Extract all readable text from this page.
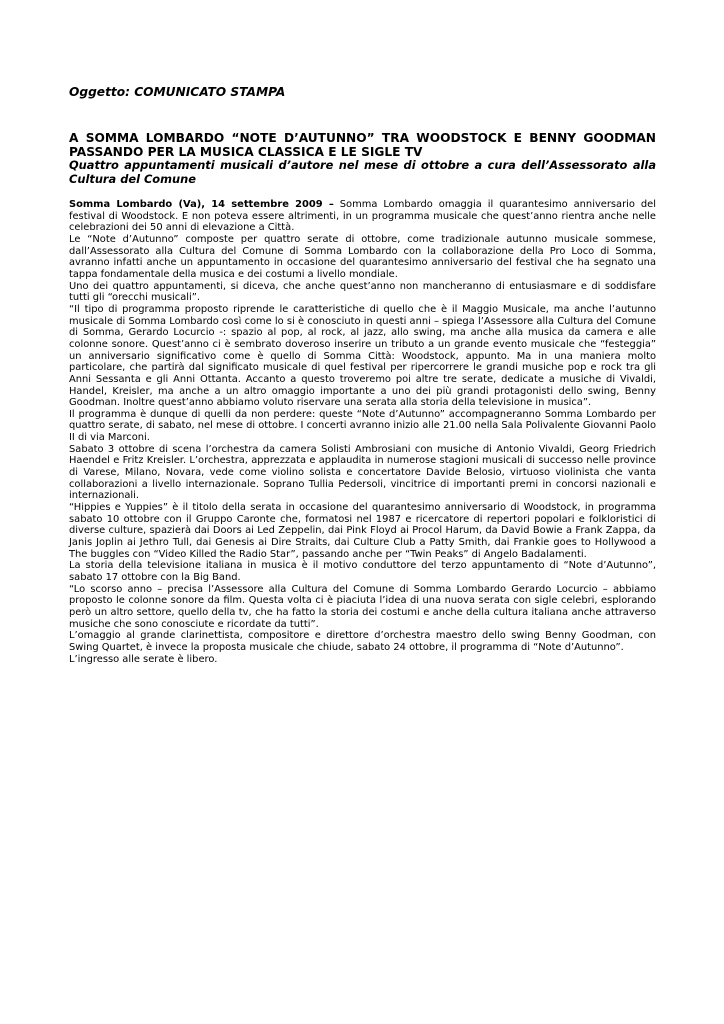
Oggetto: COMUNICATO STAMPA

A SOMMA LOMBARDO “NOTE D’AUTUNNO” TRA WOODSTOCK E BENNY GOODMAN PASSANDO PER LA MUSICA CLASSICA E LE SIGLE TV

Quattro appuntamenti musicali d’autore nel mese di ottobre a cura dell’Assessorato alla Cultura del Comune

Somma Lombardo (Va), 14 settembre 2009 – Somma Lombardo omaggia il quarantesimo anniversario del festival di Woodstock. E non poteva essere altrimenti, in un programma musicale che quest’anno rientra anche nelle celebrazioni dei 50 anni di elevazione a Città.

Le “Note d’Autunno” composte per quattro serate di ottobre, come tradizionale autunno musicale sommese, dall’Assessorato alla Cultura del Comune di Somma Lombardo con la collaborazione della Pro Loco di Somma, avranno infatti anche un appuntamento in occasione del quarantesimo anniversario del festival che ha segnato una tappa fondamentale della musica e dei costumi a livello mondiale.

Uno dei quattro appuntamenti, si diceva, che anche quest’anno non mancheranno di entusiasmare e di soddisfare tutti gli “orecchi musicali”.

“Il tipo di programma proposto riprende le caratteristiche di quello che è il Maggio Musicale, ma anche l’autunno musicale di Somma Lombardo così come lo si è conosciuto in questi anni – spiega l’Assessore alla Cultura del Comune di Somma, Gerardo Locurcio -: spazio al pop, al rock, al jazz, allo swing, ma anche alla musica da camera e alle colonne sonore. Quest’anno ci è sembrato doveroso inserire un tributo a un grande evento musicale che “festeggia” un anniversario significativo come è quello di Somma Città: Woodstock, appunto. Ma in una maniera molto particolare, che partirà dal significato musicale di quel festival per ripercorrere le grandi musiche pop e rock tra gli Anni Sessanta e gli Anni Ottanta. Accanto a questo troveremo poi altre tre serate, dedicate a musiche di Vivaldi, Handel, Kreisler, ma anche a un altro omaggio importante a uno dei più grandi protagonisti dello swing, Benny Goodman. Inoltre quest’anno abbiamo voluto riservare una serata alla storia della televisione in musica”.

Il programma è dunque di quelli da non perdere: queste “Note d’Autunno” accompagneranno Somma Lombardo per quattro serate, di sabato, nel mese di ottobre. I concerti avranno inizio alle 21.00 nella Sala Polivalente Giovanni Paolo II di via Marconi.

Sabato 3 ottobre di scena l’orchestra da camera Solisti Ambrosiani con musiche di Antonio Vivaldi, Georg Friedrich Haendel e Fritz Kreisler. L’orchestra, apprezzata e applaudita in numerose stagioni musicali di successo nelle province di Varese, Milano, Novara, vede come violino solista e concertatore Davide Belosio, virtuoso violinista che vanta collaborazioni a livello internazionale. Soprano Tullia Pedersoli, vincitrice di importanti premi in concorsi nazionali e internazionali.

“Hippies e Yuppies” è il titolo della serata in occasione del quarantesimo anniversario di Woodstock, in programma sabato 10 ottobre con il Gruppo Caronte che, formatosi nel 1987 e ricercatore di repertori popolari e folkloristici di diverse culture, spazierà dai Doors ai Led Zeppelin, dai Pink Floyd ai Procol Harum, da David Bowie a Frank Zappa, da Janis Joplin ai Jethro Tull, dai Genesis ai Dire Straits, dai Culture Club a Patty Smith, dai Frankie goes to Hollywood a The buggles con “Video Killed the Radio Star”, passando anche per “Twin Peaks” di Angelo Badalamenti.

La storia della televisione italiana in musica è il motivo conduttore del terzo appuntamento di “Note d’Autunno”, sabato 17 ottobre con la Big Band.

“Lo scorso anno – precisa l’Assessore alla Cultura del Comune di Somma Lombardo Gerardo Locurcio – abbiamo proposto le colonne sonore da film. Questa volta ci è piaciuta l’idea di una nuova serata con sigle celebri, esplorando però un altro settore, quello della tv, che ha fatto la storia dei costumi e anche della cultura italiana anche attraverso musiche che sono conosciute e ricordate da tutti”.

L’omaggio al grande clarinettista, compositore e direttore d’orchestra maestro dello swing Benny Goodman, con Swing Quartet, è invece la proposta musicale che chiude, sabato 24 ottobre, il programma di “Note d’Autunno”.

L’ingresso alle serate è libero.
